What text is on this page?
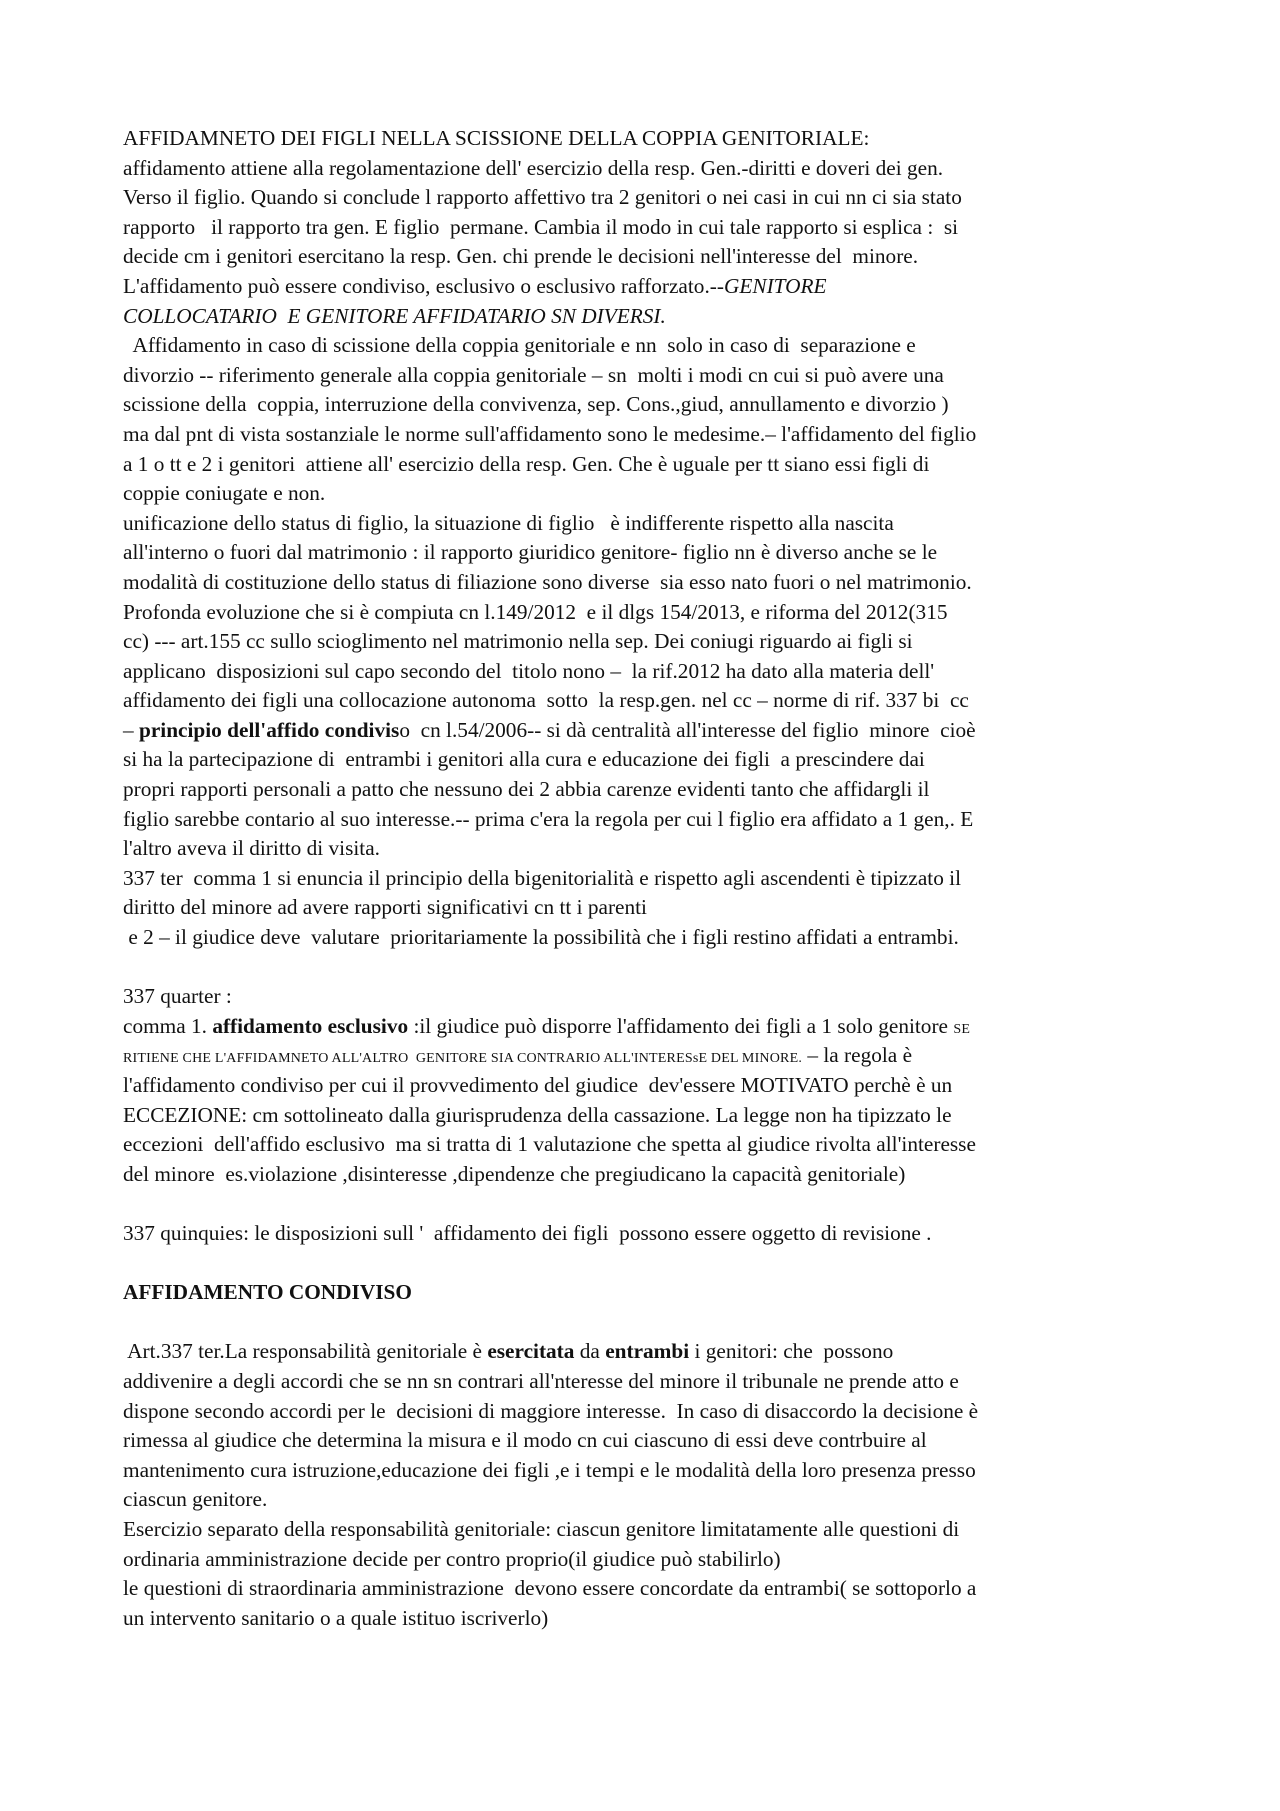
AFFIDAMNETO DEI FIGLI NELLA SCISSIONE DELLA COPPIA GENITORIALE:
affidamento attiene alla regolamentazione dell' esercizio della resp. Gen.-diritti e doveri dei gen.
Verso il figlio. Quando si conclude l rapporto affettivo tra 2 genitori o nei casi in cui nn ci sia stato
rapporto   il rapporto tra gen. E figlio  permane. Cambia il modo in cui tale rapporto si esplica :  si
decide cm i genitori esercitano la resp. Gen. chi prende le decisioni nell'interesse del  minore.
L'affidamento può essere condiviso, esclusivo o esclusivo rafforzato.--GENITORE
COLLOCATARIO  E GENITORE AFFIDATARIO SN DIVERSI.
Affidamento in caso di scissione della coppia genitoriale e nn  solo in caso di  separazione e
divorzio -- riferimento generale alla coppia genitoriale – sn  molti i modi cn cui si può avere una
scissione della  coppia, interruzione della convivenza, sep. Cons.,giud, annullamento e divorzio )
ma dal pnt di vista sostanziale le norme sull'affidamento sono le medesime.– l'affidamento del figlio
a 1 o tt e 2 i genitori  attiene all' esercizio della resp. Gen. Che è uguale per tt siano essi figli di
coppie coniugate e non.
unificazione dello status di figlio, la situazione di figlio   è indifferente rispetto alla nascita
all'interno o fuori dal matrimonio : il rapporto giuridico genitore- figlio nn è diverso anche se le
modalità di costituzione dello status di filiazione sono diverse  sia esso nato fuori o nel matrimonio.
Profonda evoluzione che si è compiuta cn l.149/2012  e il dlgs 154/2013, e riforma del 2012(315
cc) --- art.155 cc sullo scioglimento nel matrimonio nella sep. Dei coniugi riguardo ai figli si
applicano  disposizioni sul capo secondo del  titolo nono –  la rif.2012 ha dato alla materia dell'
affidamento dei figli una collocazione autonoma  sotto  la resp.gen. nel cc – norme di rif. 337 bi  cc
– principio dell'affido condiviso  cn l.54/2006-- si dà centralità all'interesse del figlio  minore  cioè
si ha la partecipazione di  entrambi i genitori alla cura e educazione dei figli  a prescindere dai
propri rapporti personali a patto che nessuno dei 2 abbia carenze evidenti tanto che affidargli il
figlio sarebbe contario al suo interesse.-- prima c'era la regola per cui l figlio era affidato a 1 gen,. E
l'altro aveva il diritto di visita.
337 ter  comma 1 si enuncia il principio della bigenitorialità e rispetto agli ascendenti è tipizzato il
diritto del minore ad avere rapporti significativi cn tt i parenti
e 2 – il giudice deve  valutare  prioritariamente la possibilità che i figli restino affidati a entrambi.
337 quarter :
comma 1. affidamento esclusivo :il giudice può disporre l'affidamento dei figli a 1 solo genitore SE
RITIENE CHE L'AFFIDAMNETO ALL'ALTRO  GENITORE SIA CONTRARIO ALL'INTERESsE DEL MINORE. – la regola è
l'affidamento condiviso per cui il provvedimento del giudice  dev'essere MOTIVATO perchè è un
ECCEZIONE: cm sottolineato dalla giurisprudenza della cassazione. La legge non ha tipizzato le
eccezioni  dell'affido esclusivo  ma si tratta di 1 valutazione che spetta al giudice rivolta all'interesse
del minore  es.violazione ,disinteresse ,dipendenze che pregiudicano la capacità genitoriale)
337 quinquies: le disposizioni sull '  affidamento dei figli  possono essere oggetto di revisione .
AFFIDAMENTO CONDIVISO
Art.337 ter.La responsabilità genitoriale è esercitata da entrambi i genitori: che  possono
addivenire a degli accordi che se nn sn contrari all'nteresse del minore il tribunale ne prende atto e
dispone secondo accordi per le  decisioni di maggiore interesse.  In caso di disaccordo la decisione è
rimessa al giudice che determina la misura e il modo cn cui ciascuno di essi deve contrbuire al
mantenimento cura istruzione,educazione dei figli ,e i tempi e le modalità della loro presenza presso
ciascun genitore.
Esercizio separato della responsabilità genitoriale: ciascun genitore limitatamente alle questioni di
ordinaria amministrazione decide per contro proprio(il giudice può stabilirlo)
le questioni di straordinaria amministrazione  devono essere concordate da entrambi( se sottoporlo a
un intervento sanitario o a quale istituo iscriverlo)
